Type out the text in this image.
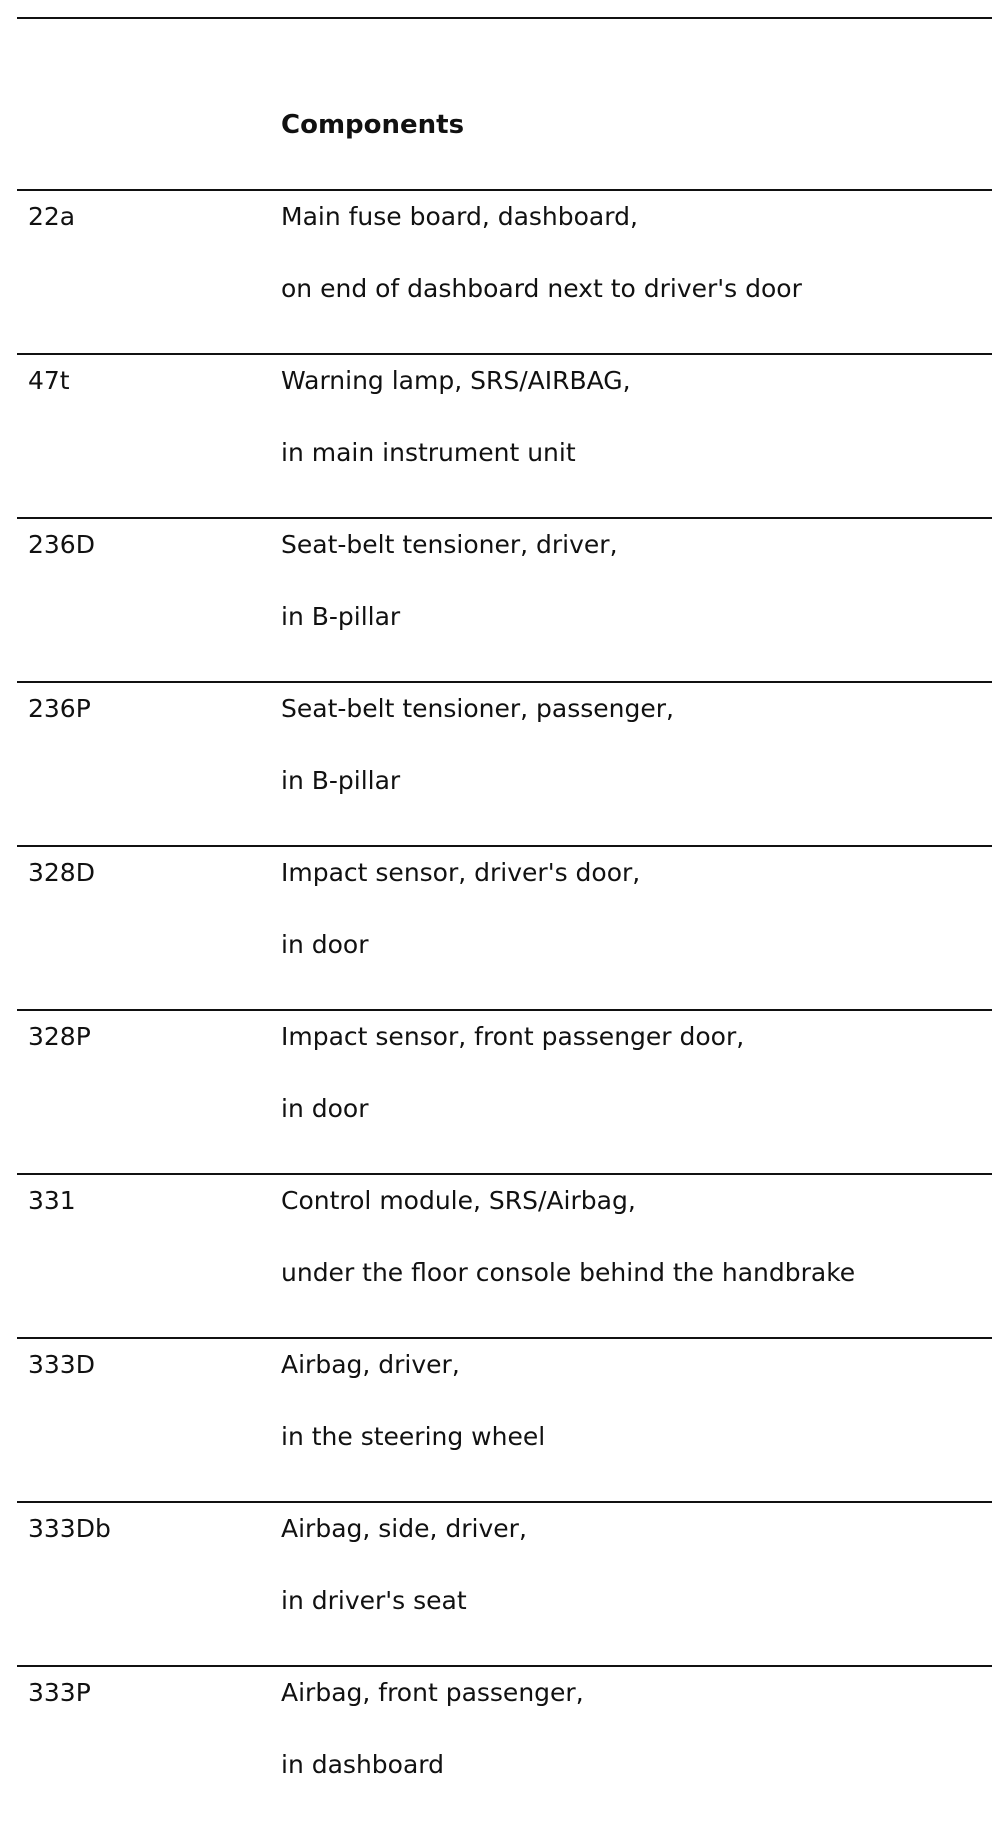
Components
22a	Main fuse board, dashboard,
on end of dashboard next to driver's door
47t	Warning lamp, SRS/AIRBAG,
in main instrument unit
236D	Seat-belt tensioner, driver,
in B-pillar
236P	Seat-belt tensioner, passenger,
in B-pillar
328D	Impact sensor, driver's door,
in door
328P	Impact sensor, front passenger door,
in door
331	Control module, SRS/Airbag,
under the floor console behind the handbrake
333D	Airbag, driver,
in the steering wheel
333Db	Airbag, side, driver,
in driver's seat
333P	Airbag, front passenger,
in dashboard
